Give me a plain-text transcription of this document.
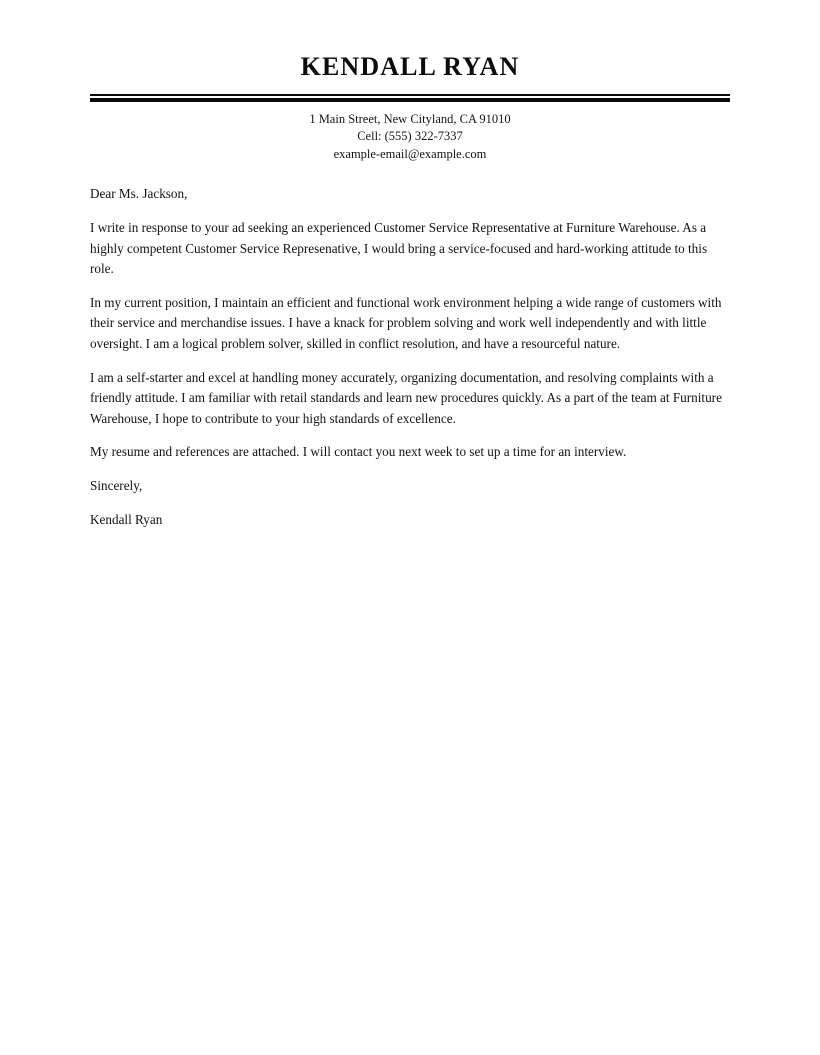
KENDALL RYAN
1 Main Street, New Cityland, CA 91010
Cell: (555) 322-7337
example-email@example.com

Dear Ms. Jackson,

I write in response to your ad seeking an experienced Customer Service Representative at Furniture Warehouse. As a highly competent Customer Service Represenative, I would bring a service-focused and hard-working attitude to this role.

In my current position, I maintain an efficient and functional work environment helping a wide range of customers with their service and merchandise issues. I have a knack for problem solving and work well independently and with little oversight. I am a logical problem solver, skilled in conflict resolution, and have a resourceful nature.

I am a self-starter and excel at handling money accurately, organizing documentation, and resolving complaints with a friendly attitude. I am familiar with retail standards and learn new procedures quickly. As a part of the team at Furniture Warehouse, I hope to contribute to your high standards of excellence.

My resume and references are attached. I will contact you next week to set up a time for an interview.

Sincerely,

Kendall Ryan
